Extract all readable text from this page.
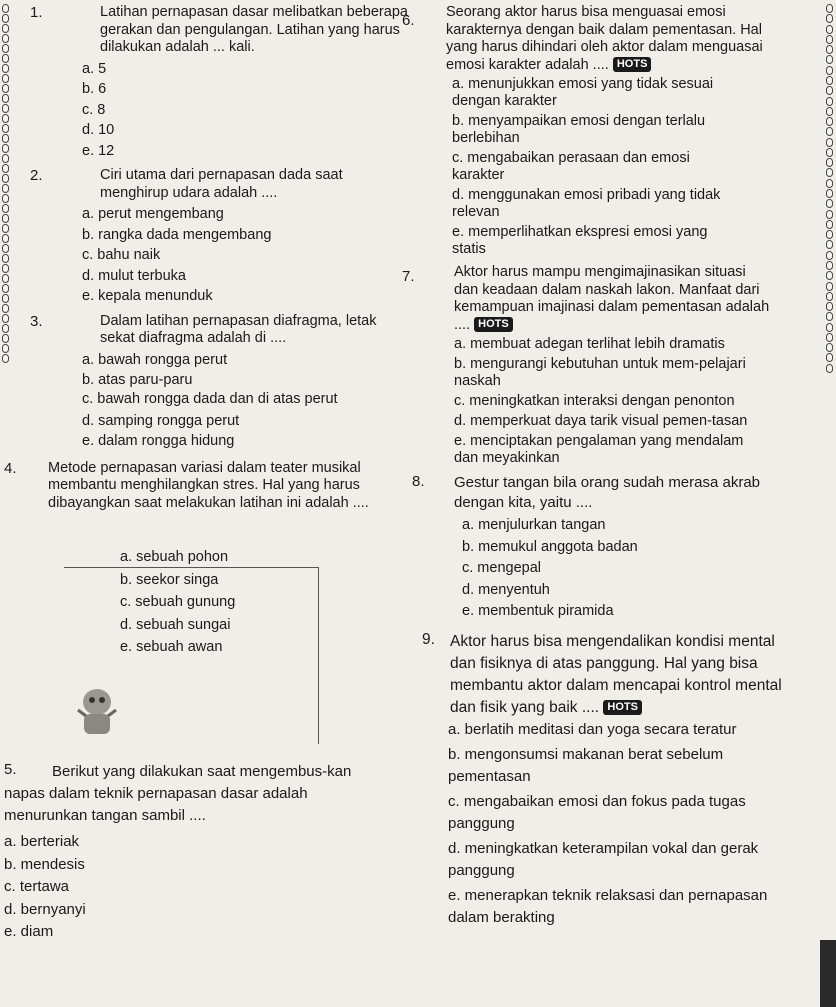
1.	Latihan pernapasan dasar melibatkan beberapa gerakan dan pengulangan. Latihan yang harus dilakukan adalah ... kali.
a. 5
b. 6
c. 8
d. 10
e. 12
2.	Ciri utama dari pernapasan dada saat menghirup udara adalah ....
a. perut mengembang
b. rangka dada mengembang
c. bahu naik
d. mulut terbuka
e. kepala menunduk
3.	Dalam latihan pernapasan diafragma, letak sekat diafragma adalah di ....
a. bawah rongga perut
b. atas paru-paru
c. bawah rongga dada dan di atas perut
d. samping rongga perut
e. dalam rongga hidung
4. Metode pernapasan variasi dalam teater musikal membantu menghilangkan stres. Hal yang harus dibayangkan saat melakukan latihan ini adalah ....
a. sebuah pohon
b. seekor singa
c. sebuah gunung
d. sebuah sungai
e. sebuah awan
5.	Berikut yang dilakukan saat mengembus-kan napas dalam teknik pernapasan dasar adalah menurunkan tangan sambil ....
a. berteriak
b. mendesis
c. tertawa
d. bernyanyi
e. diam
6. Seorang aktor harus bisa menguasai emosi karakternya dengan baik dalam pementasan. Hal yang harus dihindari oleh aktor dalam menguasai emosi karakter adalah .... HOTS
a. menunjukkan emosi yang tidak sesuai dengan karakter
b. menyampaikan emosi dengan terlalu berlebihan
c. mengabaikan perasaan dan emosi karakter
d. menggunakan emosi pribadi yang tidak relevan
e. memperlihatkan ekspresi emosi yang statis
7.	Aktor harus mampu mengimajinasikan situasi dan keadaan dalam naskah lakon. Manfaat dari kemampuan imajinasi dalam pementasan adalah .... HOTS
a. membuat adegan terlihat lebih dramatis
b. mengurangi kebutuhan untuk mem-pelajari naskah
c. meningkatkan interaksi dengan penonton
d. memperkuat daya tarik visual pemen-tasan
e. menciptakan pengalaman yang mendalam dan meyakinkan
8. Gestur tangan bila orang sudah merasa akrab dengan kita, yaitu ....
a. menjulurkan tangan
b. memukul anggota badan
c. mengepal
d. menyentuh
e. membentuk piramida
9. Aktor harus bisa mengendalikan kondisi mental dan fisiknya di atas panggung. Hal yang bisa membantu aktor dalam mencapai kontrol mental dan fisik yang baik .... HOTS
a. berlatih meditasi dan yoga secara teratur
b. mengonsumsi makanan berat sebelum pementasan
c. mengabaikan emosi dan fokus pada tugas panggung
d. meningkatkan keterampilan vokal dan gerak panggung
e. menerapkan teknik relaksasi dan pernapasan dalam berakting
